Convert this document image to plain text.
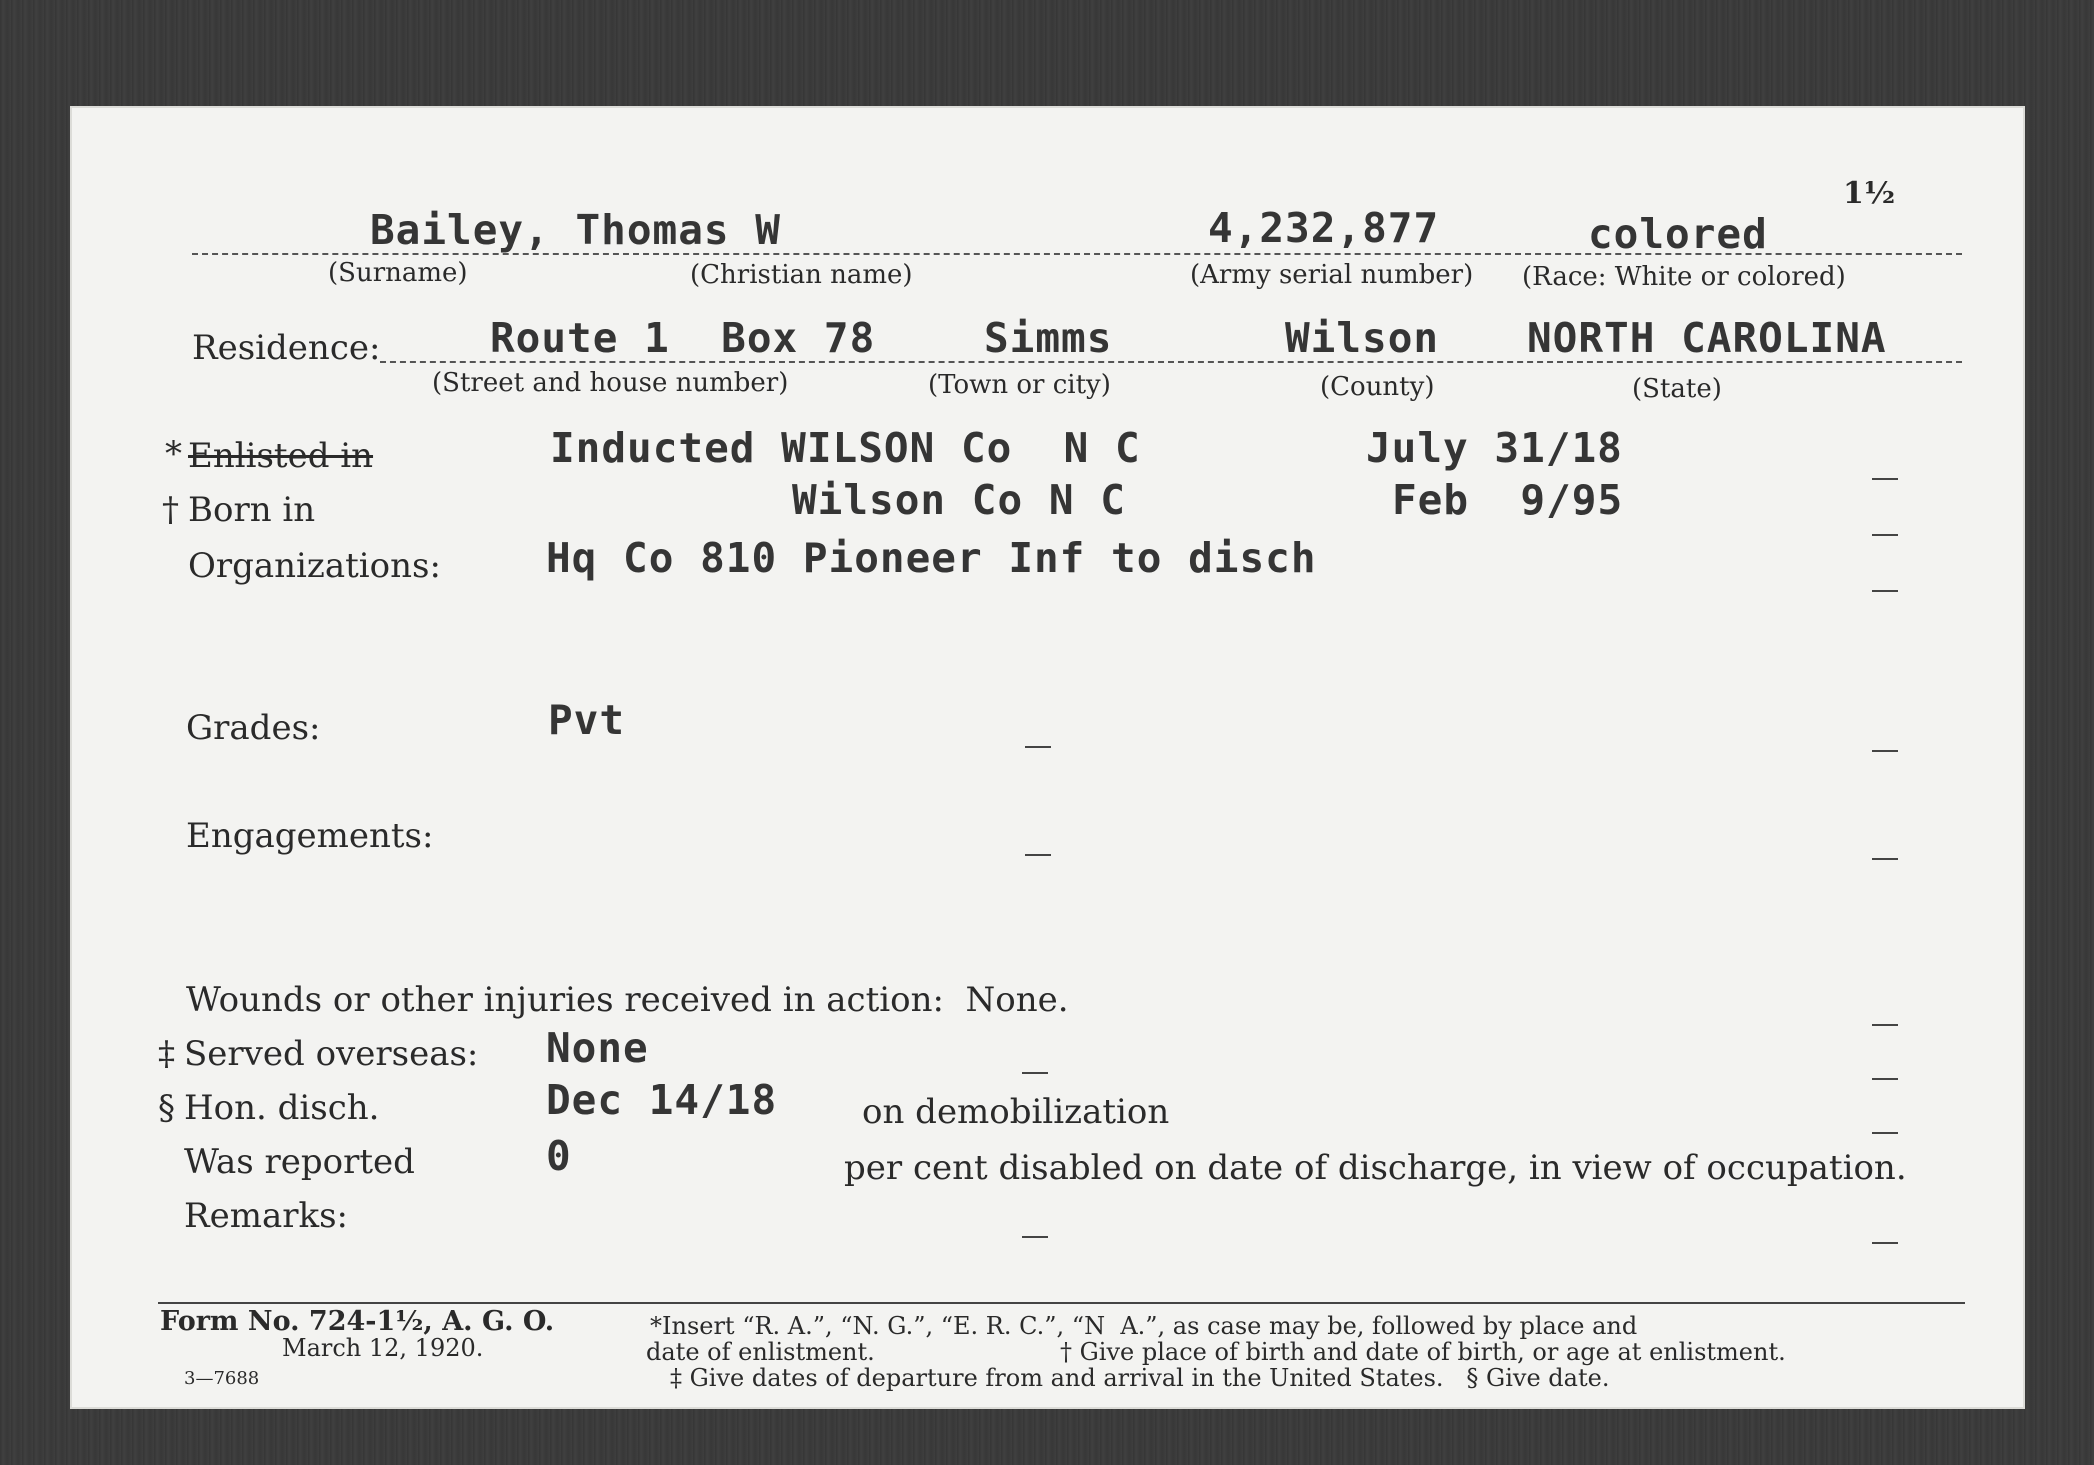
1½
Bailey, Thomas W	4,232,877	colored
(Surname)	(Christian name)	(Army serial number) (Race: White or colored)
Residence:	Route 1  Box 78	Simms	Wilson NORTH CAROLINA
(Street and house number)	(Town or city)	(County)	(State)
* Enlisted in	Inducted WILSON Co  N C	July 31/18
† Born in	Wilson Co N C	Feb  9/95
Organizations:	Hq Co 810 Pioneer Inf to disch
Grades:	Pvt
Engagements:
Wounds or other injuries received in action:  None.
‡ Served overseas: None
§ Hon. disch.	Dec 14/18 on demobilization
Was reported	0	per cent disabled on date of discharge, in view of occupation.
Remarks:
Form No. 724-1½, A. G. O.
March 12, 1920.
3—7688
*Insert “R. A.”, “N. G.”, “E. R. C.”, “N  A.”, as case may be, followed by place and
date of enlistment.	† Give place of birth and date of birth, or age at enlistment.
‡ Give dates of departure from and arrival in the United States.   § Give date.
